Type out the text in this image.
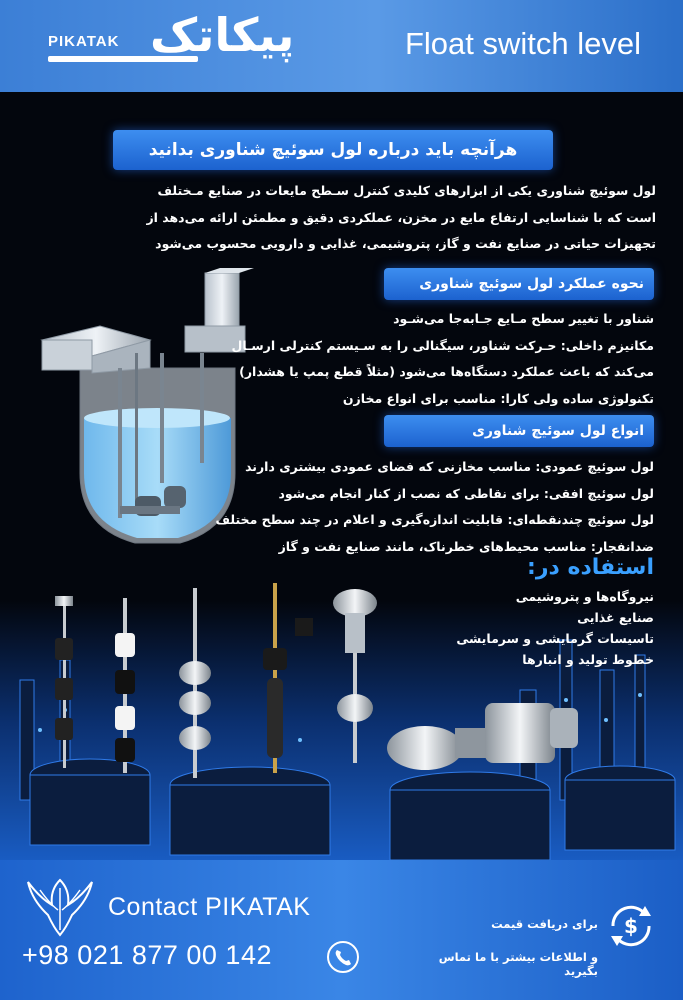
PIKATAK پیکاتک	Float switch level
هرآنچه باید درباره لول سوئیچ شناوری بدانید
لول سوئیچ شناوری یکی از ابزارهای کلیدی کنترل سـطح مایعات در صنایع مـختلف
است که با شناسایی ارتفاع مایع در مخزن، عملکردی دقیق و مطمئن ارائه می‌دهد از
تجهیزات حیاتی در صنایع نفت و گاز، پتروشیمی، غذایی و دارویی محسوب می‌شود
نحوه عملکرد لول سوئیچ شناوری
شناور با تغییر سطح مـایع جـابه‌جا می‌شـود
مکانیزم داخلی: حـرکت شناور، سیگنالی را به سـیستم کنترلی ارسـال
می‌کند که باعث عملکرد دستگاه‌ها می‌شود (مثلاً قطع پمپ یا هشدار)
تکنولوژی ساده ولی کارا: مناسب برای انواع مخازن
انواع لول سوئیچ شناوری
لول سوئیچ عمودی: مناسب مخازنی که فضای عمودی بیشتری دارند
لول سوئیچ افقی: برای نقاطی که نصب از کنار انجام می‌شود
لول سوئیچ چندنقطه‌ای: قابلیت اندازه‌گیری و اعلام در چند سطح مختلف
ضدانفجار: مناسب محیط‌های خطرناک، مانند صنایع نفت و گاز
استفاده در:
نیروگاه‌ها و پتروشیمی
صنایع غذایی
تاسیسات گرمایشی و سرمایشی
خطوط تولید و انبارها
Contact PIKATAK
+98 021 877 00 142
برای دریافت قیمت
و اطلاعات بیشتر با ما تماس بگیرید
$
